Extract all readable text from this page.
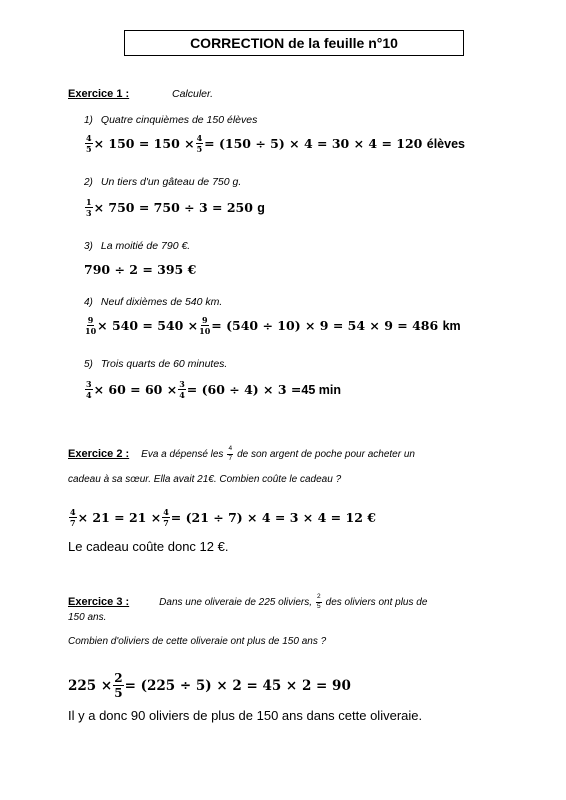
CORRECTION de la feuille n°10
Exercice 1 :	Calculer.
1) Quatre cinquièmes de 150 élèves
$\frac{4}{5} \times 150 = 150 \times \frac{4}{5} = (150 \div 5) \times 4 = 30 \times 4 = 120$
élèves
2) Un tiers d'un gâteau de 750 g.
$\frac{1}{3} \times 750 = 750 \div 3 = 250$
g
3) La moitié de 790 €.
790 ÷ 2 = 395 €
4) Neuf dixièmes de 540 km.
$\frac{9}{10} \times 540 = 540 \times \frac{9}{10} = (540 \div 10) \times 9 = 54 \times 9 = 486$
km
5) Trois quarts de 60 minutes.
$\frac{3}{4} \times 60 = 60 \times \frac{3}{4} = (60 \div 4) \times 3 = 45$ min
Exercice 2 : Eva a dépensé les $\frac{4}{7}$ de son argent de poche pour acheter un
cadeau à sa sœur. Ella avait 21€. Combien coûte le cadeau ?
$\frac{4}{7} \times 21 = 21 \times \frac{4}{7} = (21 \div 7) \times 4 = 3 \times 4 = 12$ €
Le cadeau coûte donc 12 €.
Exercice 3 :	Dans une oliveraie de 225 oliviers, $\frac{2}{5}$ des oliviers ont plus de
150 ans.
Combien d'oliviers de cette oliveraie ont plus de 150 ans ?
$225 \times \frac{2}{5} = (225 \div 5) \times 2 = 45 \times 2 = 90$
Il y a donc 90 oliviers de plus de 150 ans dans cette oliveraie.
